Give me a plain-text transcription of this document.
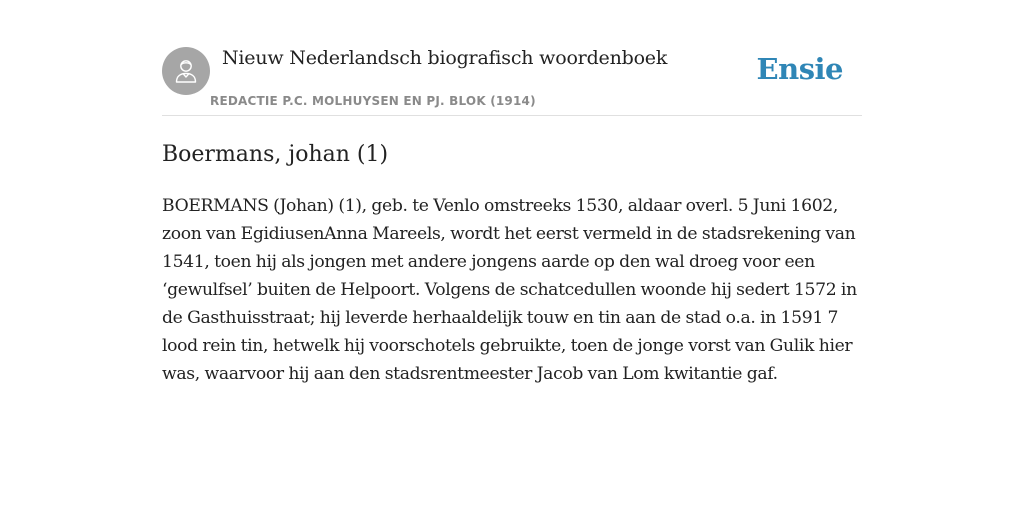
Nieuw Nederlandsch biografisch woordenboek
REDACTIE P.C. MOLHUYSEN EN PJ. BLOK (1914)
Ensie
Boermans, johan (1)

BOERMANS (Johan) (1), geb. te Venlo omstreeks 1530, aldaar overl. 5 Juni 1602, zoon van EgidiusenAnna Mareels, wordt het eerst vermeld in de stadsrekening van 1541, toen hij als jongen met andere jongens aarde op den wal droeg voor een ‘gewulfsel’ buiten de Helpoort. Volgens de schatcedullen woonde hij sedert 1572 in de Gasthuisstraat; hij leverde herhaaldelijk touw en tin aan de stad o.a. in 1591 7 lood rein tin, hetwelk hij voorschotels gebruikte, toen de jonge vorst van Gulik hier was, waarvoor hij aan den stadsrentmeester Jacob van Lom kwitantie gaf.
